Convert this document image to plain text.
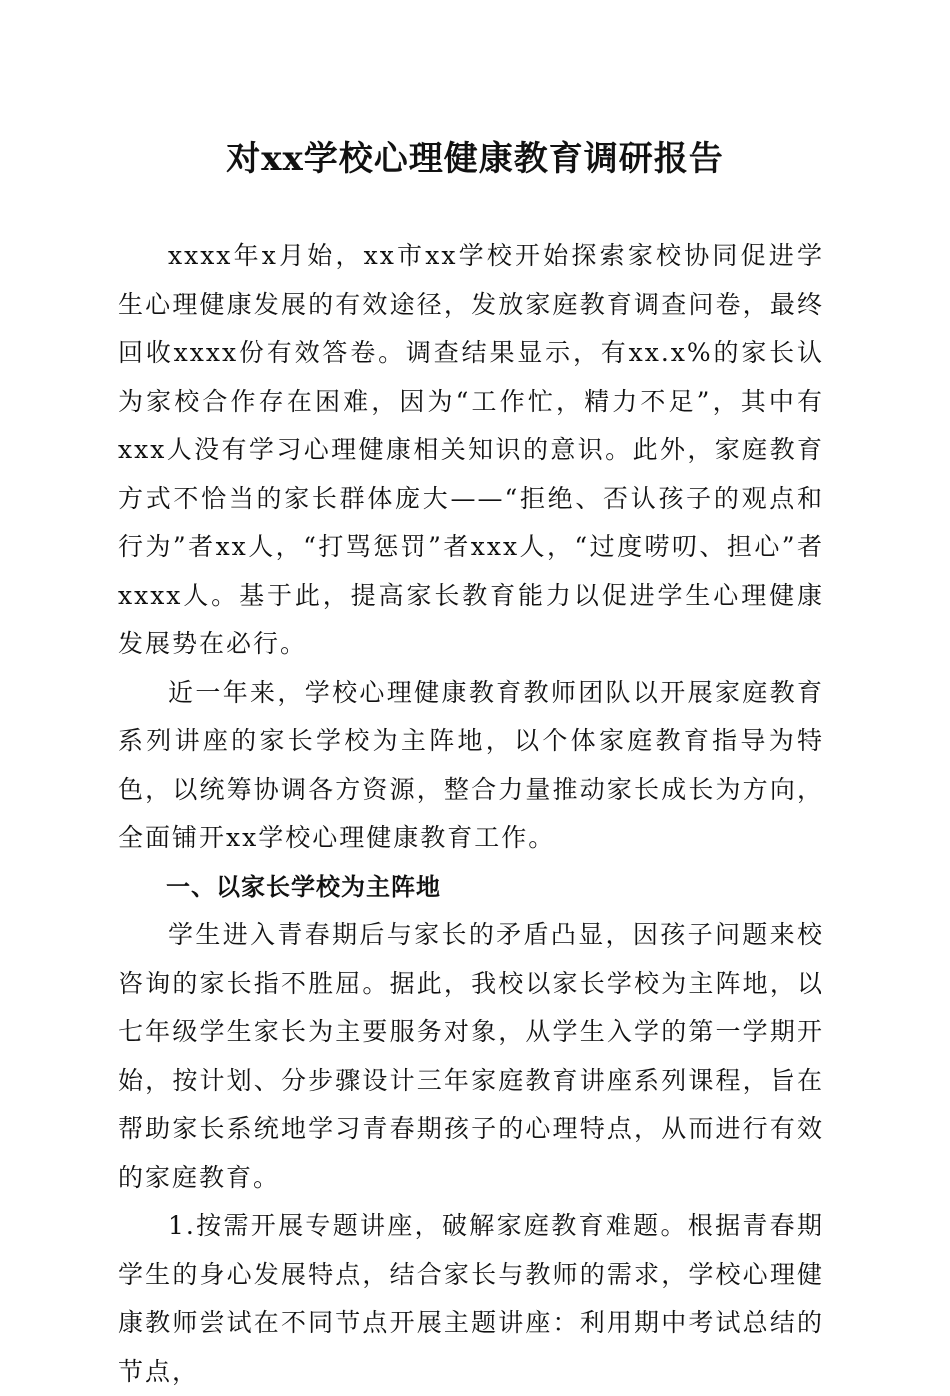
对xx学校心理健康教育调研报告

xxxx年x月始，xx市xx学校开始探索家校协同促进学生心理健康发展的有效途径，发放家庭教育调查问卷，最终回收xxxx份有效答卷。调查结果显示，有xx.x%的家长认为家校合作存在困难，因为“工作忙，精力不足”，其中有xxx人没有学习心理健康相关知识的意识。此外，家庭教育方式不恰当的家长群体庞大——“拒绝、否认孩子的观点和行为”者xx人，“打骂惩罚”者xxx人，“过度唠叨、担心”者xxxx人。基于此，提高家长教育能力以促进学生心理健康发展势在必行。

近一年来，学校心理健康教育教师团队以开展家庭教育系列讲座的家长学校为主阵地，以个体家庭教育指导为特色，以统筹协调各方资源，整合力量推动家长成长为方向，全面铺开xx学校心理健康教育工作。

一、以家长学校为主阵地

学生进入青春期后与家长的矛盾凸显，因孩子问题来校咨询的家长指不胜屈。据此，我校以家长学校为主阵地，以七年级学生家长为主要服务对象，从学生入学的第一学期开始，按计划、分步骤设计三年家庭教育讲座系列课程，旨在帮助家长系统地学习青春期孩子的心理特点，从而进行有效的家庭教育。

1.按需开展专题讲座，破解家庭教育难题。根据青春期学生的身心发展特点，结合家长与教师的需求，学校心理健康教师尝试在不同节点开展主题讲座：利用期中考试总结的节点，
